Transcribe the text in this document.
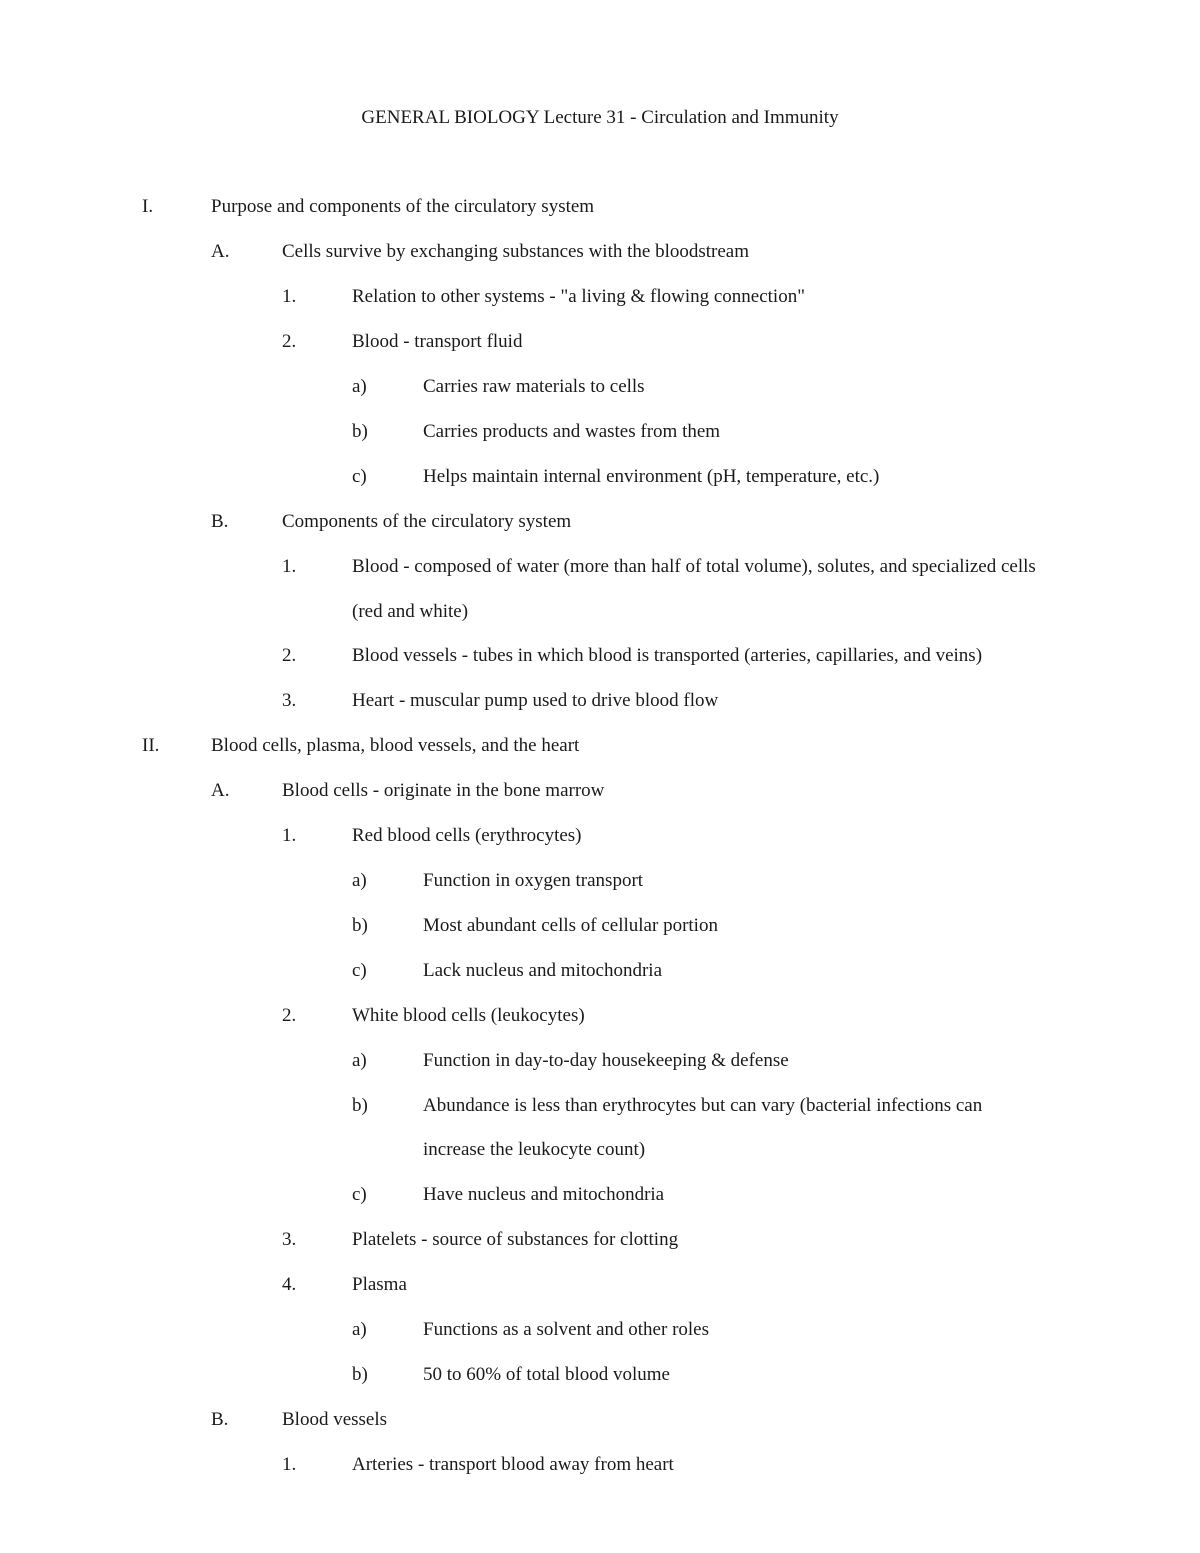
GENERAL BIOLOGY Lecture 31 - Circulation and Immunity
I.	Purpose and components of the circulatory system
A.	Cells survive by exchanging substances with the bloodstream
1.	Relation to other systems - "a living & flowing connection"
2.	Blood - transport fluid
a)	Carries raw materials to cells
b)	Carries products and wastes from them
c)	Helps maintain internal environment (pH, temperature, etc.)
B.	Components of the circulatory system
1.	Blood - composed of water (more than half of total volume), solutes, and specialized cells
(red and white)
2.	Blood vessels - tubes in which blood is transported (arteries, capillaries, and veins)
3.	Heart - muscular pump used to drive blood flow
II.	Blood cells, plasma, blood vessels, and the heart
A.	Blood cells - originate in the bone marrow
1.	Red blood cells (erythrocytes)
a)	Function in oxygen transport
b)	Most abundant cells of cellular portion
c)	Lack nucleus and mitochondria
2.	White blood cells (leukocytes)
a)	Function in day-to-day housekeeping & defense
b)	Abundance is less than erythrocytes but can vary (bacterial infections can
increase the leukocyte count)
c)	Have nucleus and mitochondria
3.	Platelets - source of substances for clotting
4.	Plasma
a)	Functions as a solvent and other roles
b)	50 to 60% of total blood volume
B.	Blood vessels
1.	Arteries - transport blood away from heart
